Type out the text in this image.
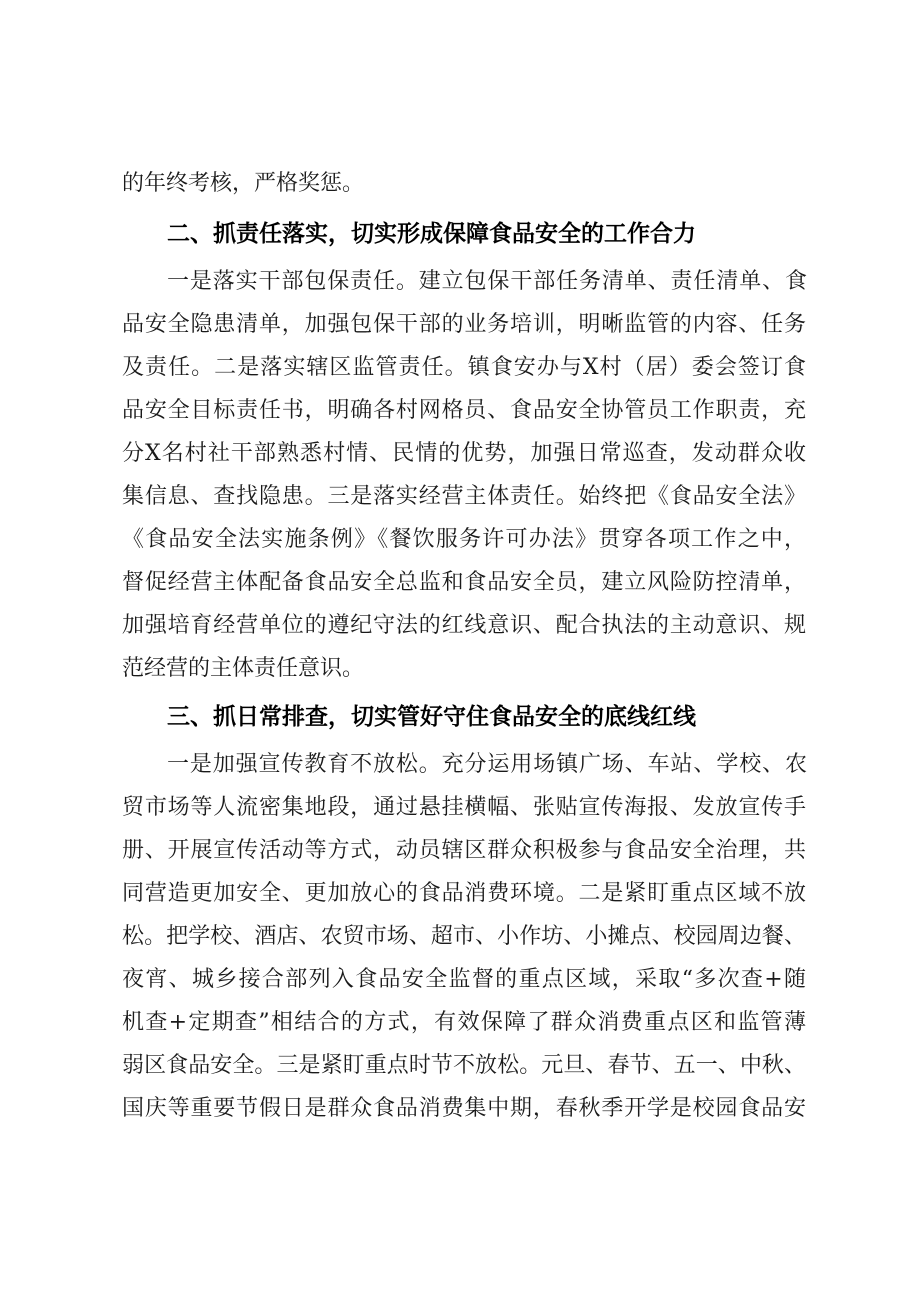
的年终考核，严格奖惩。
二、抓责任落实，切实形成保障食品安全的工作合力
一是落实干部包保责任。建立包保干部任务清单、责任清单、食
品安全隐患清单，加强包保干部的业务培训，明晰监管的内容、任务
及责任。二是落实辖区监管责任。镇食安办与X村（居）委会签订食
品安全目标责任书，明确各村网格员、食品安全协管员工作职责，充
分X名村社干部熟悉村情、民情的优势，加强日常巡查，发动群众收
集信息、查找隐患。三是落实经营主体责任。始终把《食品安全法》
《食品安全法实施条例》《餐饮服务许可办法》贯穿各项工作之中，
督促经营主体配备食品安全总监和食品安全员，建立风险防控清单，
加强培育经营单位的遵纪守法的红线意识、配合执法的主动意识、规
范经营的主体责任意识。
三、抓日常排查，切实管好守住食品安全的底线红线
一是加强宣传教育不放松。充分运用场镇广场、车站、学校、农
贸市场等人流密集地段，通过悬挂横幅、张贴宣传海报、发放宣传手
册、开展宣传活动等方式，动员辖区群众积极参与食品安全治理，共
同营造更加安全、更加放心的食品消费环境。二是紧盯重点区域不放
松。把学校、酒店、农贸市场、超市、小作坊、小摊点、校园周边餐、
夜宵、城乡接合部列入食品安全监督的重点区域，采取“多次查+随
机查+定期查”相结合的方式，有效保障了群众消费重点区和监管薄
弱区食品安全。三是紧盯重点时节不放松。元旦、春节、五一、中秋、
国庆等重要节假日是群众食品消费集中期，春秋季开学是校园食品安
